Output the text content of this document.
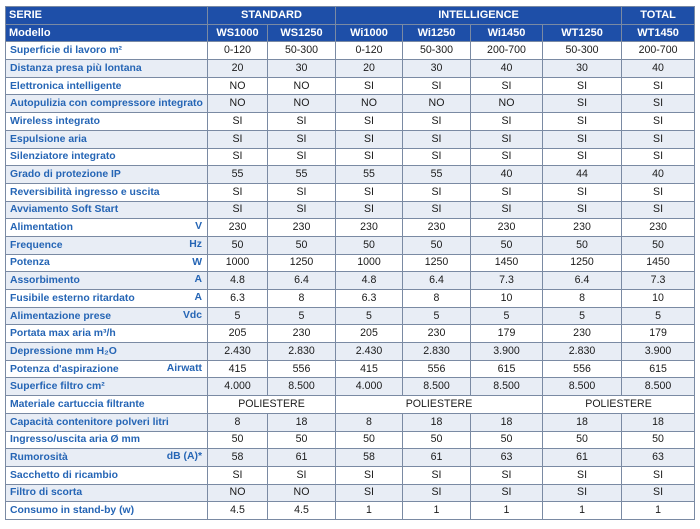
SERIE	STANDARD		INTELLIGENCE				TOTAL
Modello	WS1000	WS1250	Wi1000	Wi1250	Wi1450	WT1250	WT1450
Superficie di lavoro m²	0-120	50-300	0-120	50-300	200-700	50-300	200-700
Distanza presa più lontana	20	30	20	30	40	30	40
Elettronica intelligente	NO	NO	SI	SI	SI	SI	SI
Autopulizia con compressore integrato	NO	NO	NO	NO	NO	SI	SI
Wireless integrato	SI	SI	SI	SI	SI	SI	SI
Espulsione aria	SI	SI	SI	SI	SI	SI	SI
Silenziatore integrato	SI	SI	SI	SI	SI	SI	SI
Grado di protezione IP	55	55	55	55	40	44	40
Reversibilità ingresso e uscita	SI	SI	SI	SI	SI	SI	SI
Avviamento Soft Start	SI	SI	SI	SI	SI	SI	SI
Alimentation V	230	230	230	230	230	230	230
Frequence Hz	50	50	50	50	50	50	50
Potenza W	1000	1250	1000	1250	1450	1250	1450
Assorbimento A	4.8	6.4	4.8	6.4	7.3	6.4	7.3
Fusibile esterno ritardato A	6.3	8	6.3	8	10	8	10
Alimentazione prese Vdc	5	5	5	5	5	5	5
Portata max aria m³/h	205	230	205	230	179	230	179
Depressione mm H₂O	2.430	2.830	2.430	2.830	3.900	2.830	3.900
Potenza d'aspirazione Airwatt	415	556	415	556	615	556	615
Superfice filtro cm²	4.000	8.500	4.000	8.500	8.500	8.500	8.500
Materiale cartuccia filtrante	POLIESTERE		POLIESTERE			POLIESTERE	
Capacità contenitore polveri litri	8	18	8	18	18	18	18
Ingresso/uscita aria Ø mm	50	50	50	50	50	50	50
Rumorosità dB (A)*	58	61	58	61	63	61	63
Sacchetto di ricambio	SI	SI	SI	SI	SI	SI	SI
Filtro di scorta	NO	NO	SI	SI	SI	SI	SI
Consumo in stand-by (w)	4.5	4.5	1	1	1	1	1
